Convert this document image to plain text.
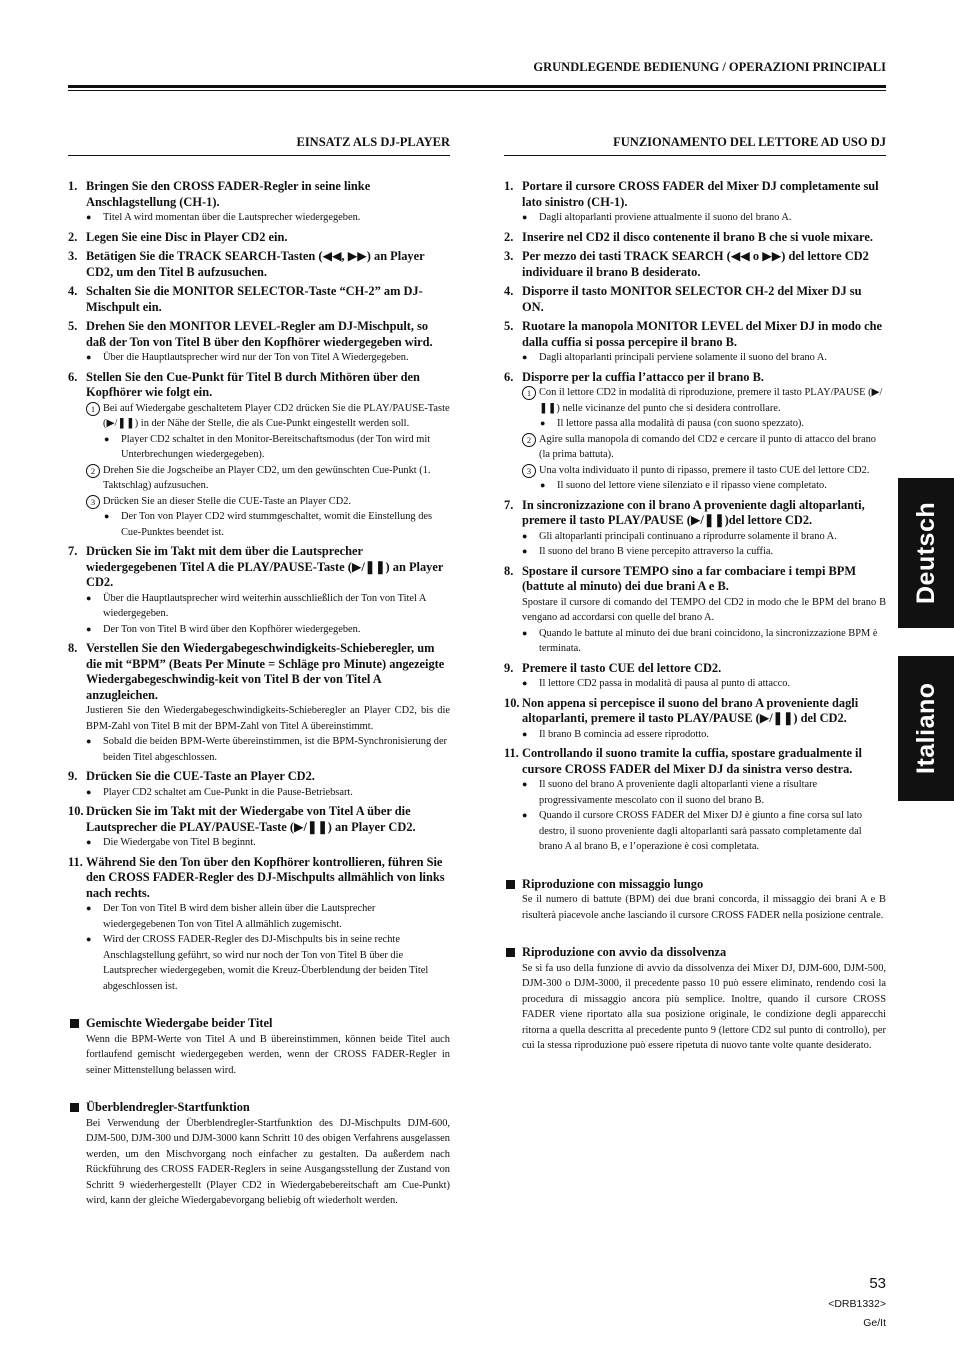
GRUNDLEGENDE BEDIENUNG / OPERAZIONI PRINCIPALI
EINSATZ ALS DJ-PLAYER
1. Bringen Sie den CROSS FADER-Regler in seine linke Anschlagstellung (CH-1).
● Titel A wird momentan über die Lautsprecher wiedergegeben.
2. Legen Sie eine Disc in Player CD2 ein.
3. Betätigen Sie die TRACK SEARCH-Tasten (◀◀, ▶▶) an Player CD2, um den Titel B aufzusuchen.
4. Schalten Sie die MONITOR SELECTOR-Taste “CH-2” am DJ-Mischpult ein.
5. Drehen Sie den MONITOR LEVEL-Regler am DJ-Mischpult, so daß der Ton von Titel B über den Kopfhörer wiedergegeben wird.
● Über die Hauptlautsprecher wird nur der Ton von Titel A Wiedergegeben.
6. Stellen Sie den Cue-Punkt für Titel B durch Mithören über den Kopfhörer wie folgt ein.
1 Bei auf Wiedergabe geschaltetem Player CD2 drücken Sie die PLAY/PAUSE-Taste (▶/❚❚) in der Nähe der Stelle, die als Cue-Punkt eingestellt werden soll.
● Player CD2 schaltet in den Monitor-Bereitschaftsmodus (der Ton wird mit Unterbrechungen wiedergegeben).
2 Drehen Sie die Jogscheibe an Player CD2, um den gewünschten Cue-Punkt (1. Taktschlag) aufzusuchen.
3 Drücken Sie an dieser Stelle die CUE-Taste an Player CD2.
● Der Ton von Player CD2 wird stummgeschaltet, womit die Einstellung des Cue-Punktes beendet ist.
7. Drücken Sie im Takt mit dem über die Lautsprecher wiedergegebenen Titel A die PLAY/PAUSE-Taste (▶/❚❚) an Player CD2.
● Über die Hauptlautsprecher wird weiterhin ausschließlich der Ton von Titel A wiedergegeben.
● Der Ton von Titel B wird über den Kopfhörer wiedergegeben.
8. Verstellen Sie den Wiedergabegeschwindigkeits-Schieberegler, um die mit “BPM” (Beats Per Minute = Schläge pro Minute) angezeigte Wiedergabegeschwindig-keit von Titel B der von Titel A anzugleichen.
Justieren Sie den Wiedergabegeschwindigkeits-Schieberegler an Player CD2, bis die BPM-Zahl von Titel B mit der BPM-Zahl von Titel A übereinstimmt.
● Sobald die beiden BPM-Werte übereinstimmen, ist die BPM-Synchronisierung der beiden Titel abgeschlossen.
9. Drücken Sie die CUE-Taste an Player CD2.
● Player CD2 schaltet am Cue-Punkt in die Pause-Betriebsart.
10. Drücken Sie im Takt mit der Wiedergabe von Titel A über die Lautsprecher die PLAY/PAUSE-Taste (▶/❚❚) an Player CD2.
● Die Wiedergabe von Titel B beginnt.
11. Während Sie den Ton über den Kopfhörer kontrollieren, führen Sie den CROSS FADER-Regler des DJ-Mischpults allmählich von links nach rechts.
● Der Ton von Titel B wird dem bisher allein über die Lautsprecher wiedergegebenen Ton von Titel A allmählich zugemischt.
● Wird der CROSS FADER-Regler des DJ-Mischpults bis in seine rechte Anschlagstellung geführt, so wird nur noch der Ton von Titel B über die Lautsprecher wiedergegeben, womit die Kreuz-Überblendung der beiden Titel abgeschlossen ist.
Gemischte Wiedergabe beider Titel
Wenn die BPM-Werte von Titel A und B übereinstimmen, können beide Titel auch fortlaufend gemischt wiedergegeben werden, wenn der CROSS FADER-Regler in seiner Mittenstellung belassen wird.
Überblendregler-Startfunktion
Bei Verwendung der Überblendregler-Startfunktion des DJ-Mischpults DJM-600, DJM-500, DJM-300 und DJM-3000 kann Schritt 10 des obigen Verfahrens ausgelassen werden, um den Mischvorgang noch einfacher zu gestalten. Da außerdem nach Rückführung des CROSS FADER-Reglers in seine Ausgangsstellung der Zustand von Schritt 9 wiederhergestellt (Player CD2 in Wiedergabebereitschaft am Cue-Punkt) wird, kann der gleiche Wiedergabevorgang beliebig oft wiederholt werden.
FUNZIONAMENTO DEL LETTORE AD USO DJ
1. Portare il cursore CROSS FADER del Mixer DJ completamente sul lato sinistro (CH-1).
● Dagli altoparlanti proviene attualmente il suono del brano A.
2. Inserire nel CD2 il disco contenente il brano B che si vuole mixare.
3. Per mezzo dei tasti TRACK SEARCH (◀◀ o ▶▶) del lettore CD2 individuare il brano B desiderato.
4. Disporre il tasto MONITOR SELECTOR CH-2 del Mixer DJ su ON.
5. Ruotare la manopola MONITOR LEVEL del Mixer DJ in modo che dalla cuffia si possa percepire il brano B.
● Dagli altoparlanti principali perviene solamente il suono del brano A.
6. Disporre per la cuffia l’attacco per il brano B.
1 Con il lettore CD2 in modalità di riproduzione, premere il tasto PLAY/PAUSE (▶/❚❚) nelle vicinanze del punto che si desidera controllare.
● Il lettore passa alla modalità di pausa (con suono spezzato).
2 Agire sulla manopola di comando del CD2 e cercare il punto di attacco del brano (la prima battuta).
3 Una volta individuato il punto di ripasso, premere il tasto CUE del lettore CD2.
● Il suono del lettore viene silenziato e il ripasso viene completato.
7. In sincronizzazione con il brano A proveniente dagli altoparlanti, premere il tasto PLAY/PAUSE (▶/❚❚)del lettore CD2.
● Gli altoparlanti principali continuano a riprodurre solamente il brano A.
● Il suono del brano B viene percepito attraverso la cuffia.
8. Spostare il cursore TEMPO sino a far combaciare i tempi BPM (battute al minuto) dei due brani A e B.
Spostare il cursore di comando del TEMPO del CD2 in modo che le BPM del brano B vengano ad accordarsi con quelle del brano A.
● Quando le battute al minuto dei due brani coincidono, la sincronizzazione BPM è terminata.
9. Premere il tasto CUE del lettore CD2.
● Il lettore CD2 passa in modalità di pausa al punto di attacco.
10. Non appena si percepisce il suono del brano A proveniente dagli altoparlanti, premere il tasto PLAY/PAUSE (▶/❚❚) del CD2.
● Il brano B comincia ad essere riprodotto.
11. Controllando il suono tramite la cuffia, spostare gradualmente il cursore CROSS FADER del Mixer DJ da sinistra verso destra.
● Il suono del brano A proveniente dagli altoparlanti viene a risultare progressivamente mescolato con il suono del brano B.
● Quando il cursore CROSS FADER del Mixer DJ è giunto a fine corsa sul lato destro, il suono proveniente dagli altoparlanti sarà passato completamente dal brano A al brano B, e l’operazione è così completata.
Riproduzione con missaggio lungo
Se il numero di battute (BPM) dei due brani concorda, il missaggio dei brani A e B risulterà piacevole anche lasciando il cursore CROSS FADER nella posizione centrale.
Riproduzione con avvio da dissolvenza
Se si fa uso della funzione di avvio da dissolvenza dei Mixer DJ, DJM-600, DJM-500, DJM-300 o DJM-3000, il precedente passo 10 può essere eliminato, rendendo così la procedura di missaggio ancora più semplice. Inoltre, quando il cursore CROSS FADER viene riportato alla sua posizione originale, le condizione degli apparecchi ritorna a quella descritta al precedente punto 9 (lettore CD2 sul punto di controllo), per cui la stessa riproduzione può essere ripetuta di nuovo tante volte quante desiderato.
Deutsch
Italiano
53
<DRB1332>
Ge/It
